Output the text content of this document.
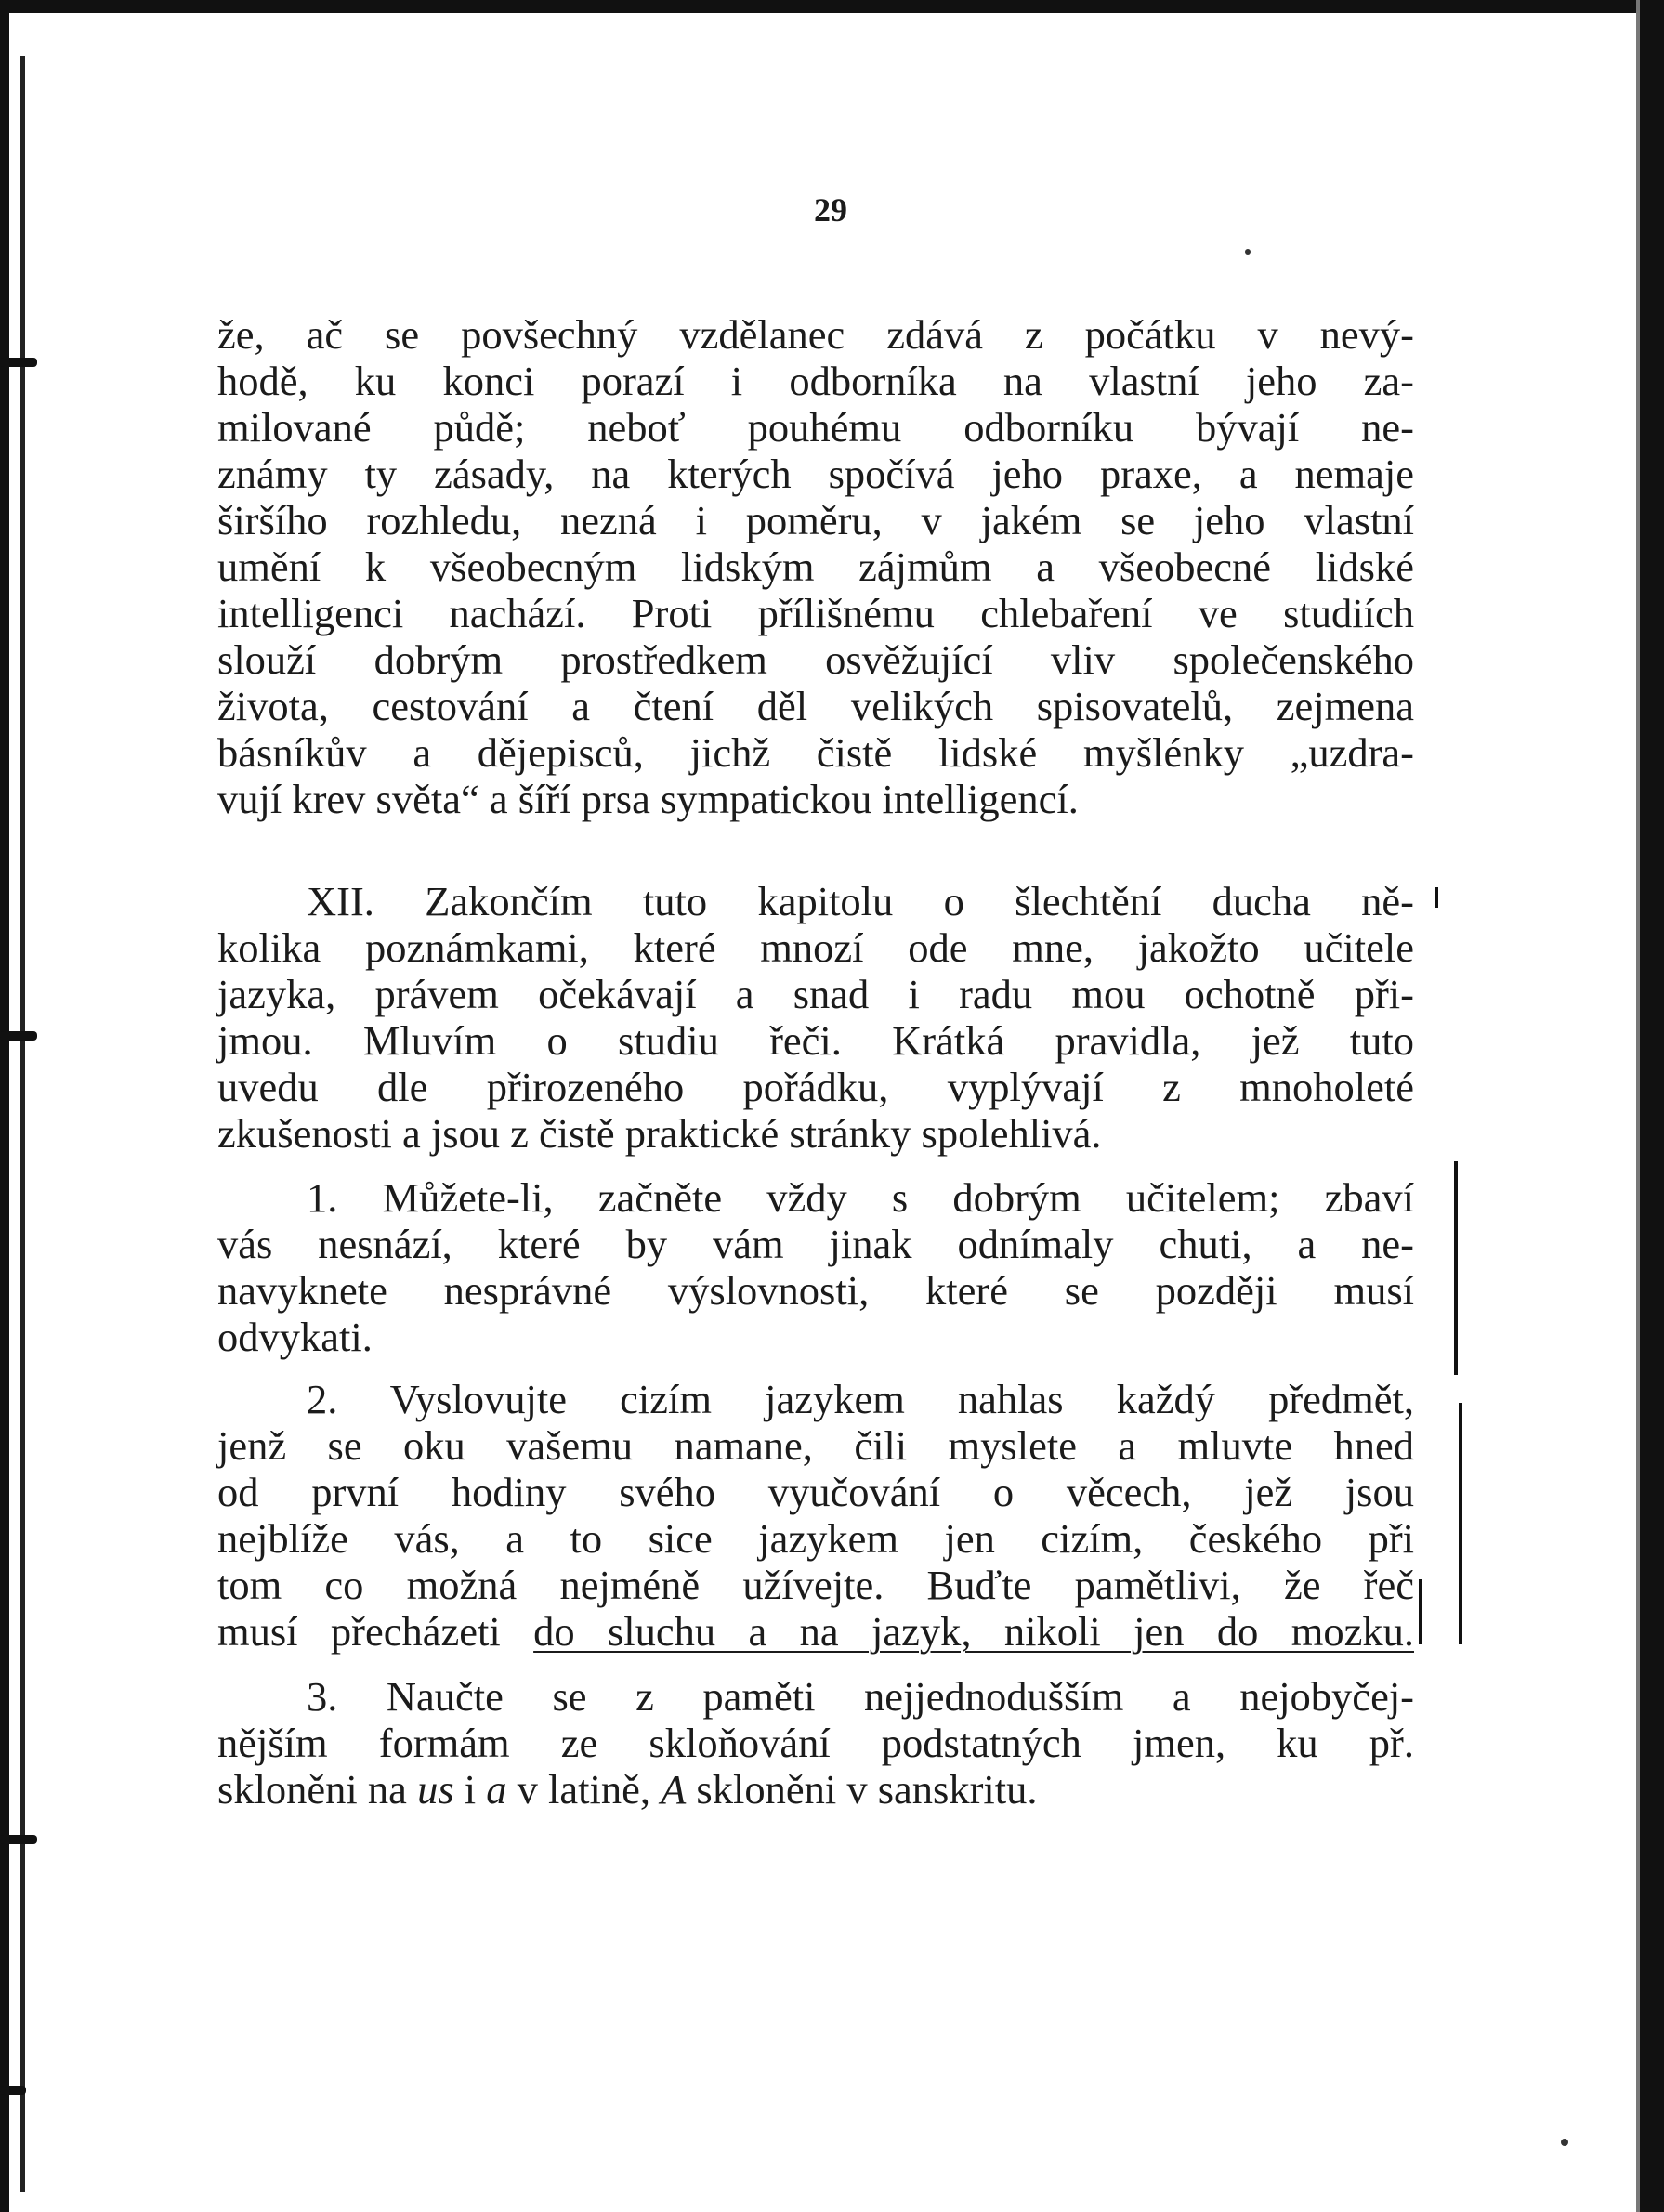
29
že, ač se povšechný vzdělanec zdává z počátku v nevý-
hodě, ku konci porazí i odborníka na vlastní jeho za-
milované půdě; neboť pouhému odborníku bývají ne-
známy ty zásady, na kterých spočívá jeho praxe, a nemaje
širšího rozhledu, nezná i poměru, v jakém se jeho vlastní
umění k všeobecným lidským zájmům a všeobecné lidské
intelligenci nachází. Proti přílišnému chlebaření ve studiích
slouží dobrým prostředkem osvěžující vliv společenského
života, cestování a čtení děl velikých spisovatelů, zejmena
básníkův a dějepisců, jichž čistě lidské myšlénky „uzdra-
vují krev světa“ a šíří prsa sympatickou intelligencí.
XII. Zakončím tuto kapitolu o šlechtění ducha ně-
kolika poznámkami, které mnozí ode mne, jakožto učitele
jazyka, právem očekávají a snad i radu mou ochotně při-
jmou. Mluvím o studiu řeči. Krátká pravidla, jež tuto
uvedu dle přirozeného pořádku, vyplývají z mnoholeté
zkušenosti a jsou z čistě praktické stránky spolehlivá.
1. Můžete-li, začněte vždy s dobrým učitelem; zbaví
vás nesnází, které by vám jinak odnímaly chuti, a ne-
navyknete nesprávné výslovnosti, které se později musí
odvykati.
2. Vyslovujte cizím jazykem nahlas každý předmět,
jenž se oku vašemu namane, čili myslete a mluvte hned
od první hodiny svého vyučování o věcech, jež jsou
nejblíže vás, a to sice jazykem jen cizím, českého při
tom co možná nejméně užívejte. Buďte pamětlivi, že řeč
musí přecházeti do sluchu a na jazyk, nikoli jen do mozku.
3. Naučte se z paměti nejjednodušším a nejobyčej-
nějším formám ze skloňování podstatných jmen, ku př.
skloněni na us i a v latině, A skloněni v sanskritu.
